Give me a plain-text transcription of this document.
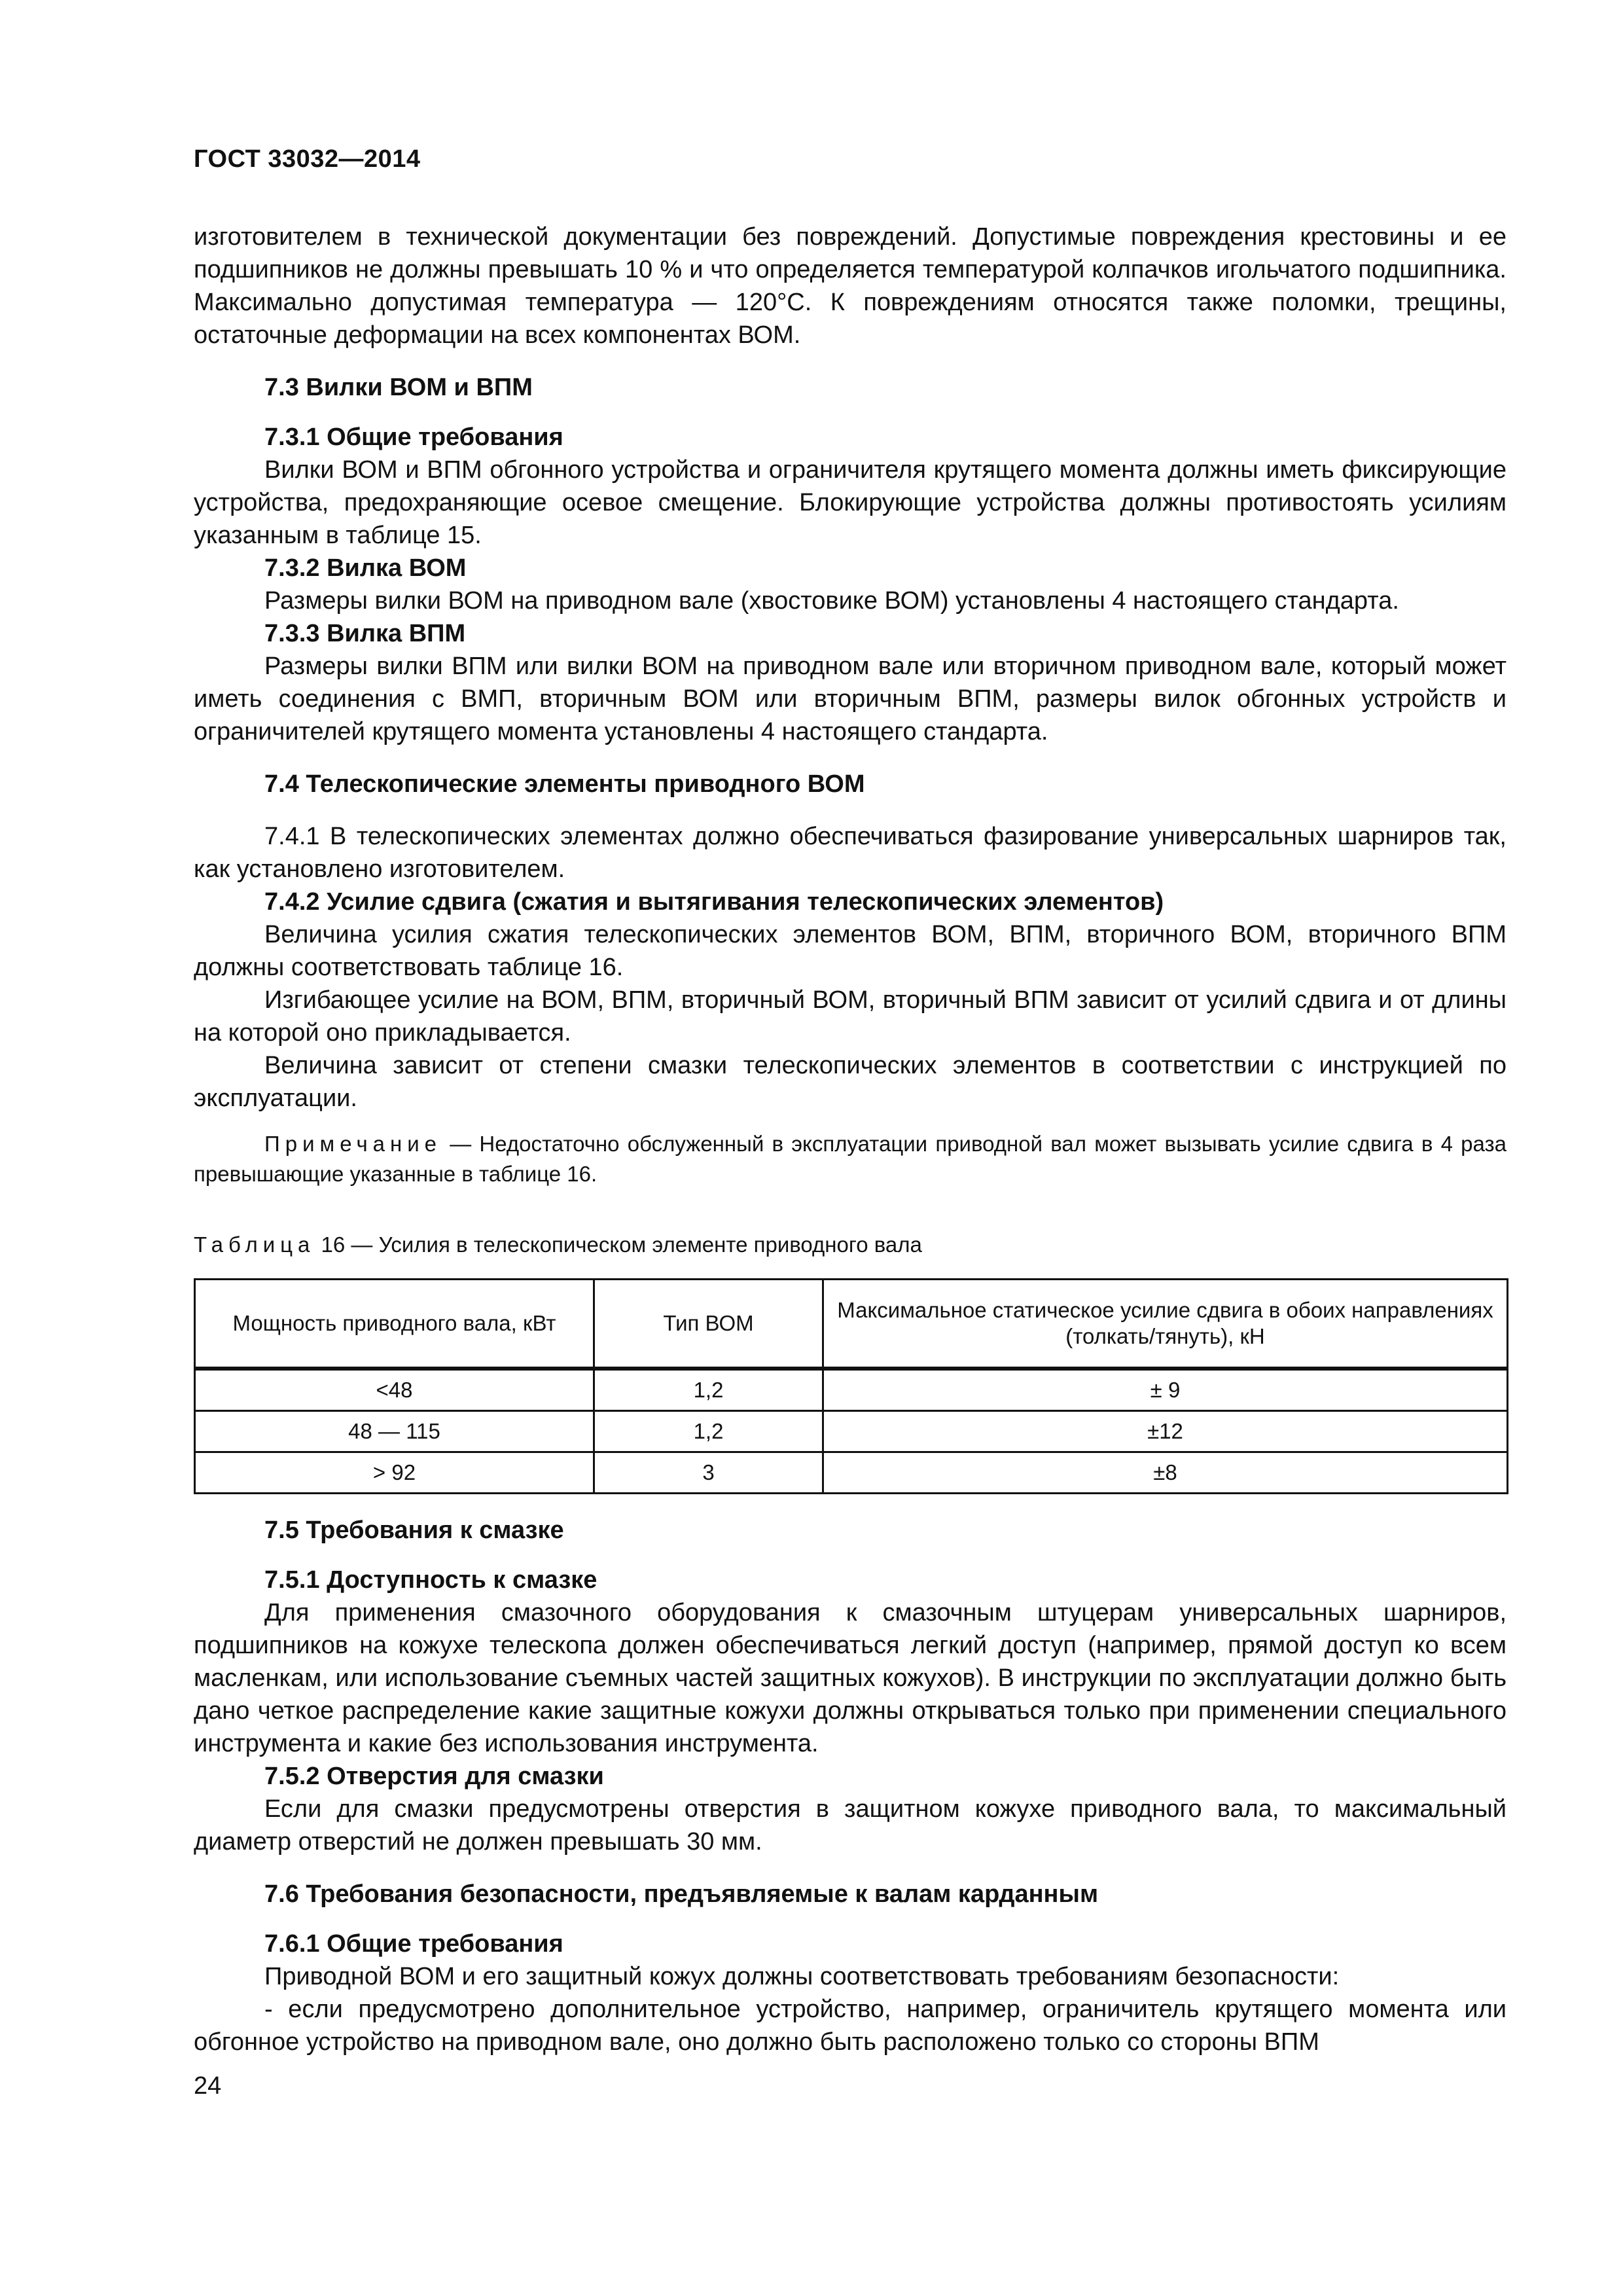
ГОСТ 33032—2014

изготовителем в технической документации без повреждений. Допустимые повреждения крестовины и ее подшипников не должны превышать 10 % и что определяется температурой колпачков игольчатого подшипника. Максимально допустимая температура — 120°С. К повреждениям относятся также поломки, трещины, остаточные деформации на всех компонентах ВОМ.

7.3 Вилки ВОМ и ВПМ

7.3.1 Общие требования

Вилки ВОМ и ВПМ обгонного устройства и ограничителя крутящего момента должны иметь фиксирующие устройства, предохраняющие осевое смещение. Блокирующие устройства должны противостоять усилиям указанным в таблице 15.

7.3.2 Вилка ВОМ

Размеры вилки ВОМ на приводном вале (хвостовике ВОМ) установлены 4 настоящего стандарта.

7.3.3 Вилка ВПМ

Размеры вилки ВПМ или вилки ВОМ на приводном вале или вторичном приводном вале, который может иметь соединения с ВМП, вторичным ВОМ или вторичным ВПМ, размеры вилок обгонных устройств и ограничителей крутящего момента установлены 4 настоящего стандарта.

7.4 Телескопические элементы приводного ВОМ

7.4.1 В телескопических элементах должно обеспечиваться фазирование универсальных шарниров так, как установлено изготовителем.

7.4.2 Усилие сдвига (сжатия и вытягивания телескопических элементов)

Величина усилия сжатия телескопических элементов ВОМ, ВПМ, вторичного ВОМ, вторичного ВПМ должны соответствовать таблице 16.

Изгибающее усилие на ВОМ, ВПМ, вторичный ВОМ, вторичный ВПМ зависит от усилий сдвига и от длины на которой оно прикладывается.

Величина зависит от степени смазки телескопических элементов в соответствии с инструкцией по эксплуатации.

Примечание — Недостаточно обслуженный в эксплуатации приводной вал может вызывать усилие сдвига в 4 раза превышающие указанные в таблице 16.

Таблица 16 — Усилия в телескопическом элементе приводного вала

Мощность приводного вала, кВт	Тип ВОМ	Максимальное статическое усилие сдвига в обоих направлениях (толкать/тянуть), кН
<48	1,2	± 9
48 — 115	1,2	±12
> 92	3	±8

7.5 Требования к смазке

7.5.1 Доступность к смазке

Для применения смазочного оборудования к смазочным штуцерам универсальных шарниров, подшипников на кожухе телескопа должен обеспечиваться легкий доступ (например, прямой доступ ко всем масленкам, или использование съемных частей защитных кожухов). В инструкции по эксплуатации должно быть дано четкое распределение какие защитные кожухи должны открываться только при применении специального инструмента и какие без использования инструмента.

7.5.2 Отверстия для смазки

Если для смазки предусмотрены отверстия в защитном кожухе приводного вала, то максимальный диаметр отверстий не должен превышать 30 мм.

7.6 Требования безопасности, предъявляемые к валам карданным

7.6.1 Общие требования

Приводной ВОМ и его защитный кожух должны соответствовать требованиям безопасности:

- если предусмотрено дополнительное устройство, например, ограничитель крутящего момента или обгонное устройство на приводном вале, оно должно быть расположено только со стороны ВПМ

24
